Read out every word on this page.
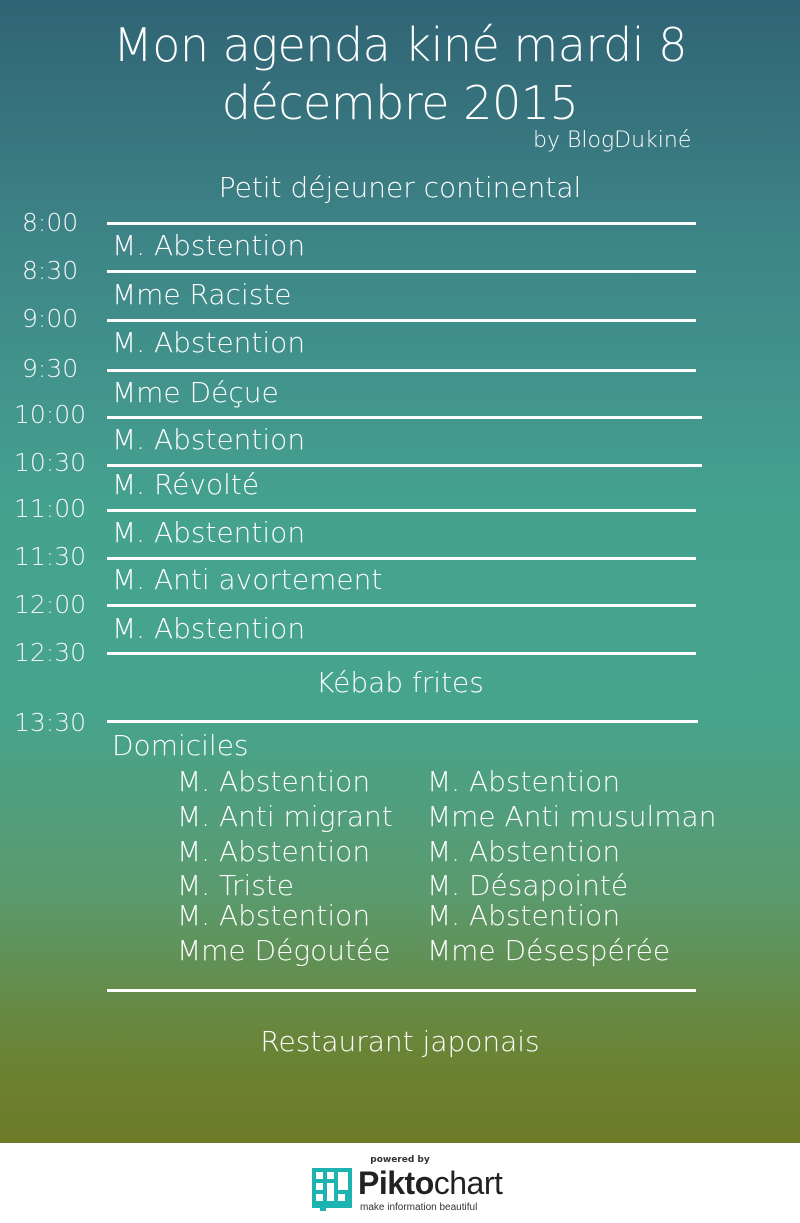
Mon agenda kiné mardi 8
décembre 2015
by BlogDukiné
Petit déjeuner continental
8:00
8:30
9:00
9:30
10:00
10:30
11:00
11:30
12:00
12:30
13:30
M. Abstention
Mme Raciste
M. Abstention
Mme Déçue
M. Abstention
M. Révolté
M. Abstention
M. Anti avortement
M. Abstention
Kébab frites
Domiciles
M. Abstention
M. Anti migrant
M. Abstention
M. Triste
M. Abstention
Mme Dégoutée
M. Abstention
Mme Anti musulman
M. Abstention
M. Désapointé
M. Abstention
Mme Désespérée
Restaurant japonais
powered by
Piktochart
make information beautiful
